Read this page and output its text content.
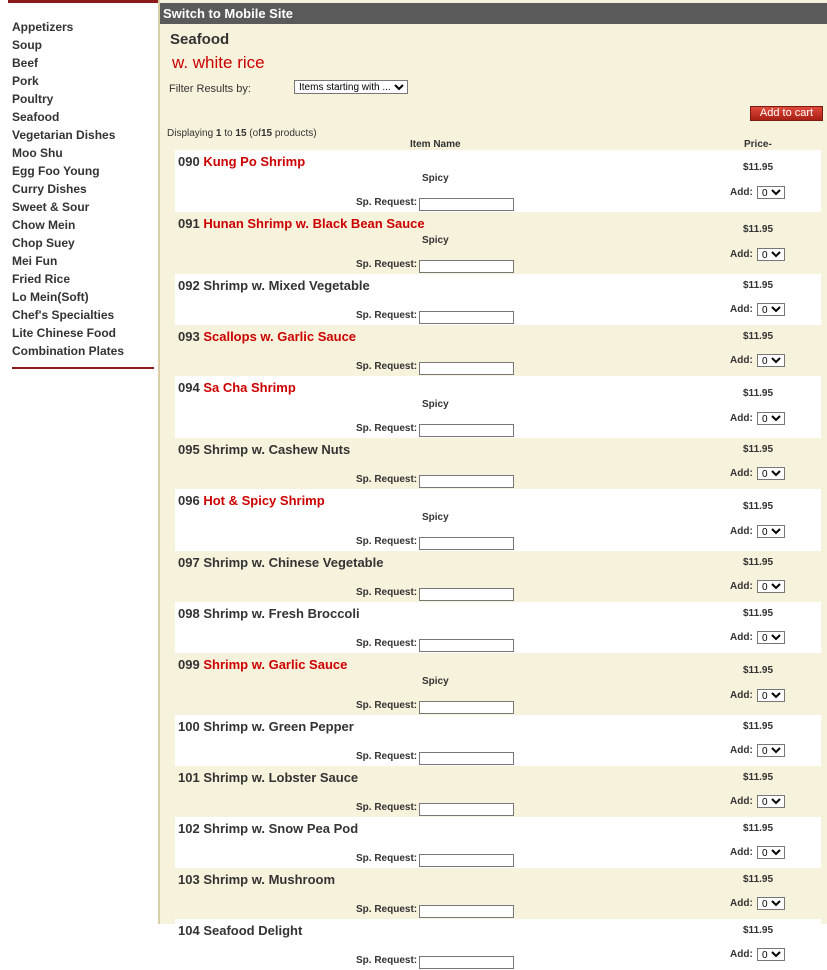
Appetizers
Soup
Beef
Pork
Poultry
Seafood
Vegetarian Dishes
Moo Shu
Egg Foo Young
Curry Dishes
Sweet & Sour
Chow Mein
Chop Suey
Mei Fun
Fried Rice
Lo Mein(Soft)
Chef's Specialties
Lite Chinese Food
Combination Plates
Switch to Mobile Site
Seafood
w. white rice
Filter Results by:
Items starting with ...
Add to cart
Displaying 1 to 15 (of15 products)
Item Name	Price-
090 Kung Po Shrimp	$11.95
Spicy
Add:
0
Sp. Request:
091 Hunan Shrimp w. Black Bean Sauce	$11.95
Spicy
Add:
0
Sp. Request:
092 Shrimp w. Mixed Vegetable	$11.95
Add:
0
Sp. Request:
093 Scallops w. Garlic Sauce	$11.95
Add:
0
Sp. Request:
094 Sa Cha Shrimp	$11.95
Spicy
Add:
0
Sp. Request:
095 Shrimp w. Cashew Nuts	$11.95
Add:
0
Sp. Request:
096 Hot & Spicy Shrimp	$11.95
Spicy
Add:
0
Sp. Request:
097 Shrimp w. Chinese Vegetable	$11.95
Add:
0
Sp. Request:
098 Shrimp w. Fresh Broccoli	$11.95
Add:
0
Sp. Request:
099 Shrimp w. Garlic Sauce	$11.95
Spicy
Add:
0
Sp. Request:
100 Shrimp w. Green Pepper	$11.95
Add:
0
Sp. Request:
101 Shrimp w. Lobster Sauce	$11.95
Add:
0
Sp. Request:
102 Shrimp w. Snow Pea Pod	$11.95
Add:
0
Sp. Request:
103 Shrimp w. Mushroom	$11.95
Add:
0
Sp. Request:
104 Seafood Delight	$11.95
Add:
0
Sp. Request:
